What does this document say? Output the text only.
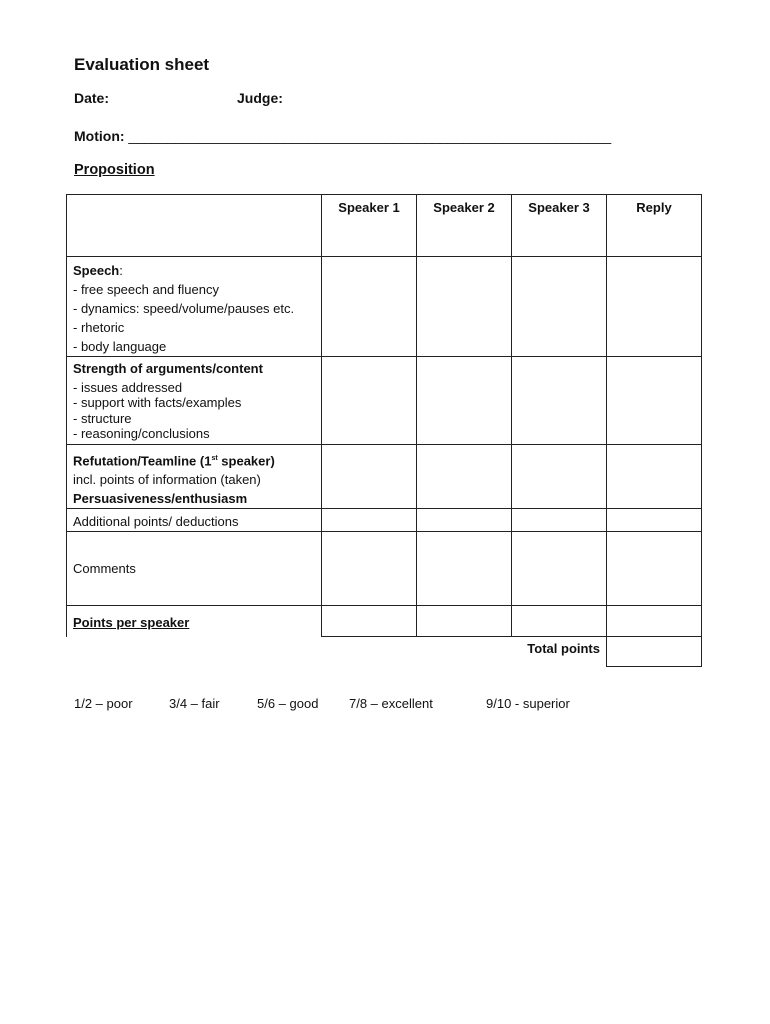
Evaluation sheet
Date:	Judge:
Motion: ______________________________________________________________
Proposition
	Speaker 1	Speaker 2	Speaker 3	Reply

Speech:
- free speech and fluency
- dynamics: speed/volume/pauses etc.
- rhetoric
- body language				

Strength of arguments/content
- issues addressed
- support with facts/examples
- structure
- reasoning/conclusions				

Refutation/Teamline (1st speaker)
incl. points of information (taken)
Persuasiveness/enthusiasm				

Additional points/ deductions				

Comments				

Points per speaker				

			Total points	
1/2 – poor	3/4 – fair	5/6 – good 7/8 – excellent	9/10 - superior
